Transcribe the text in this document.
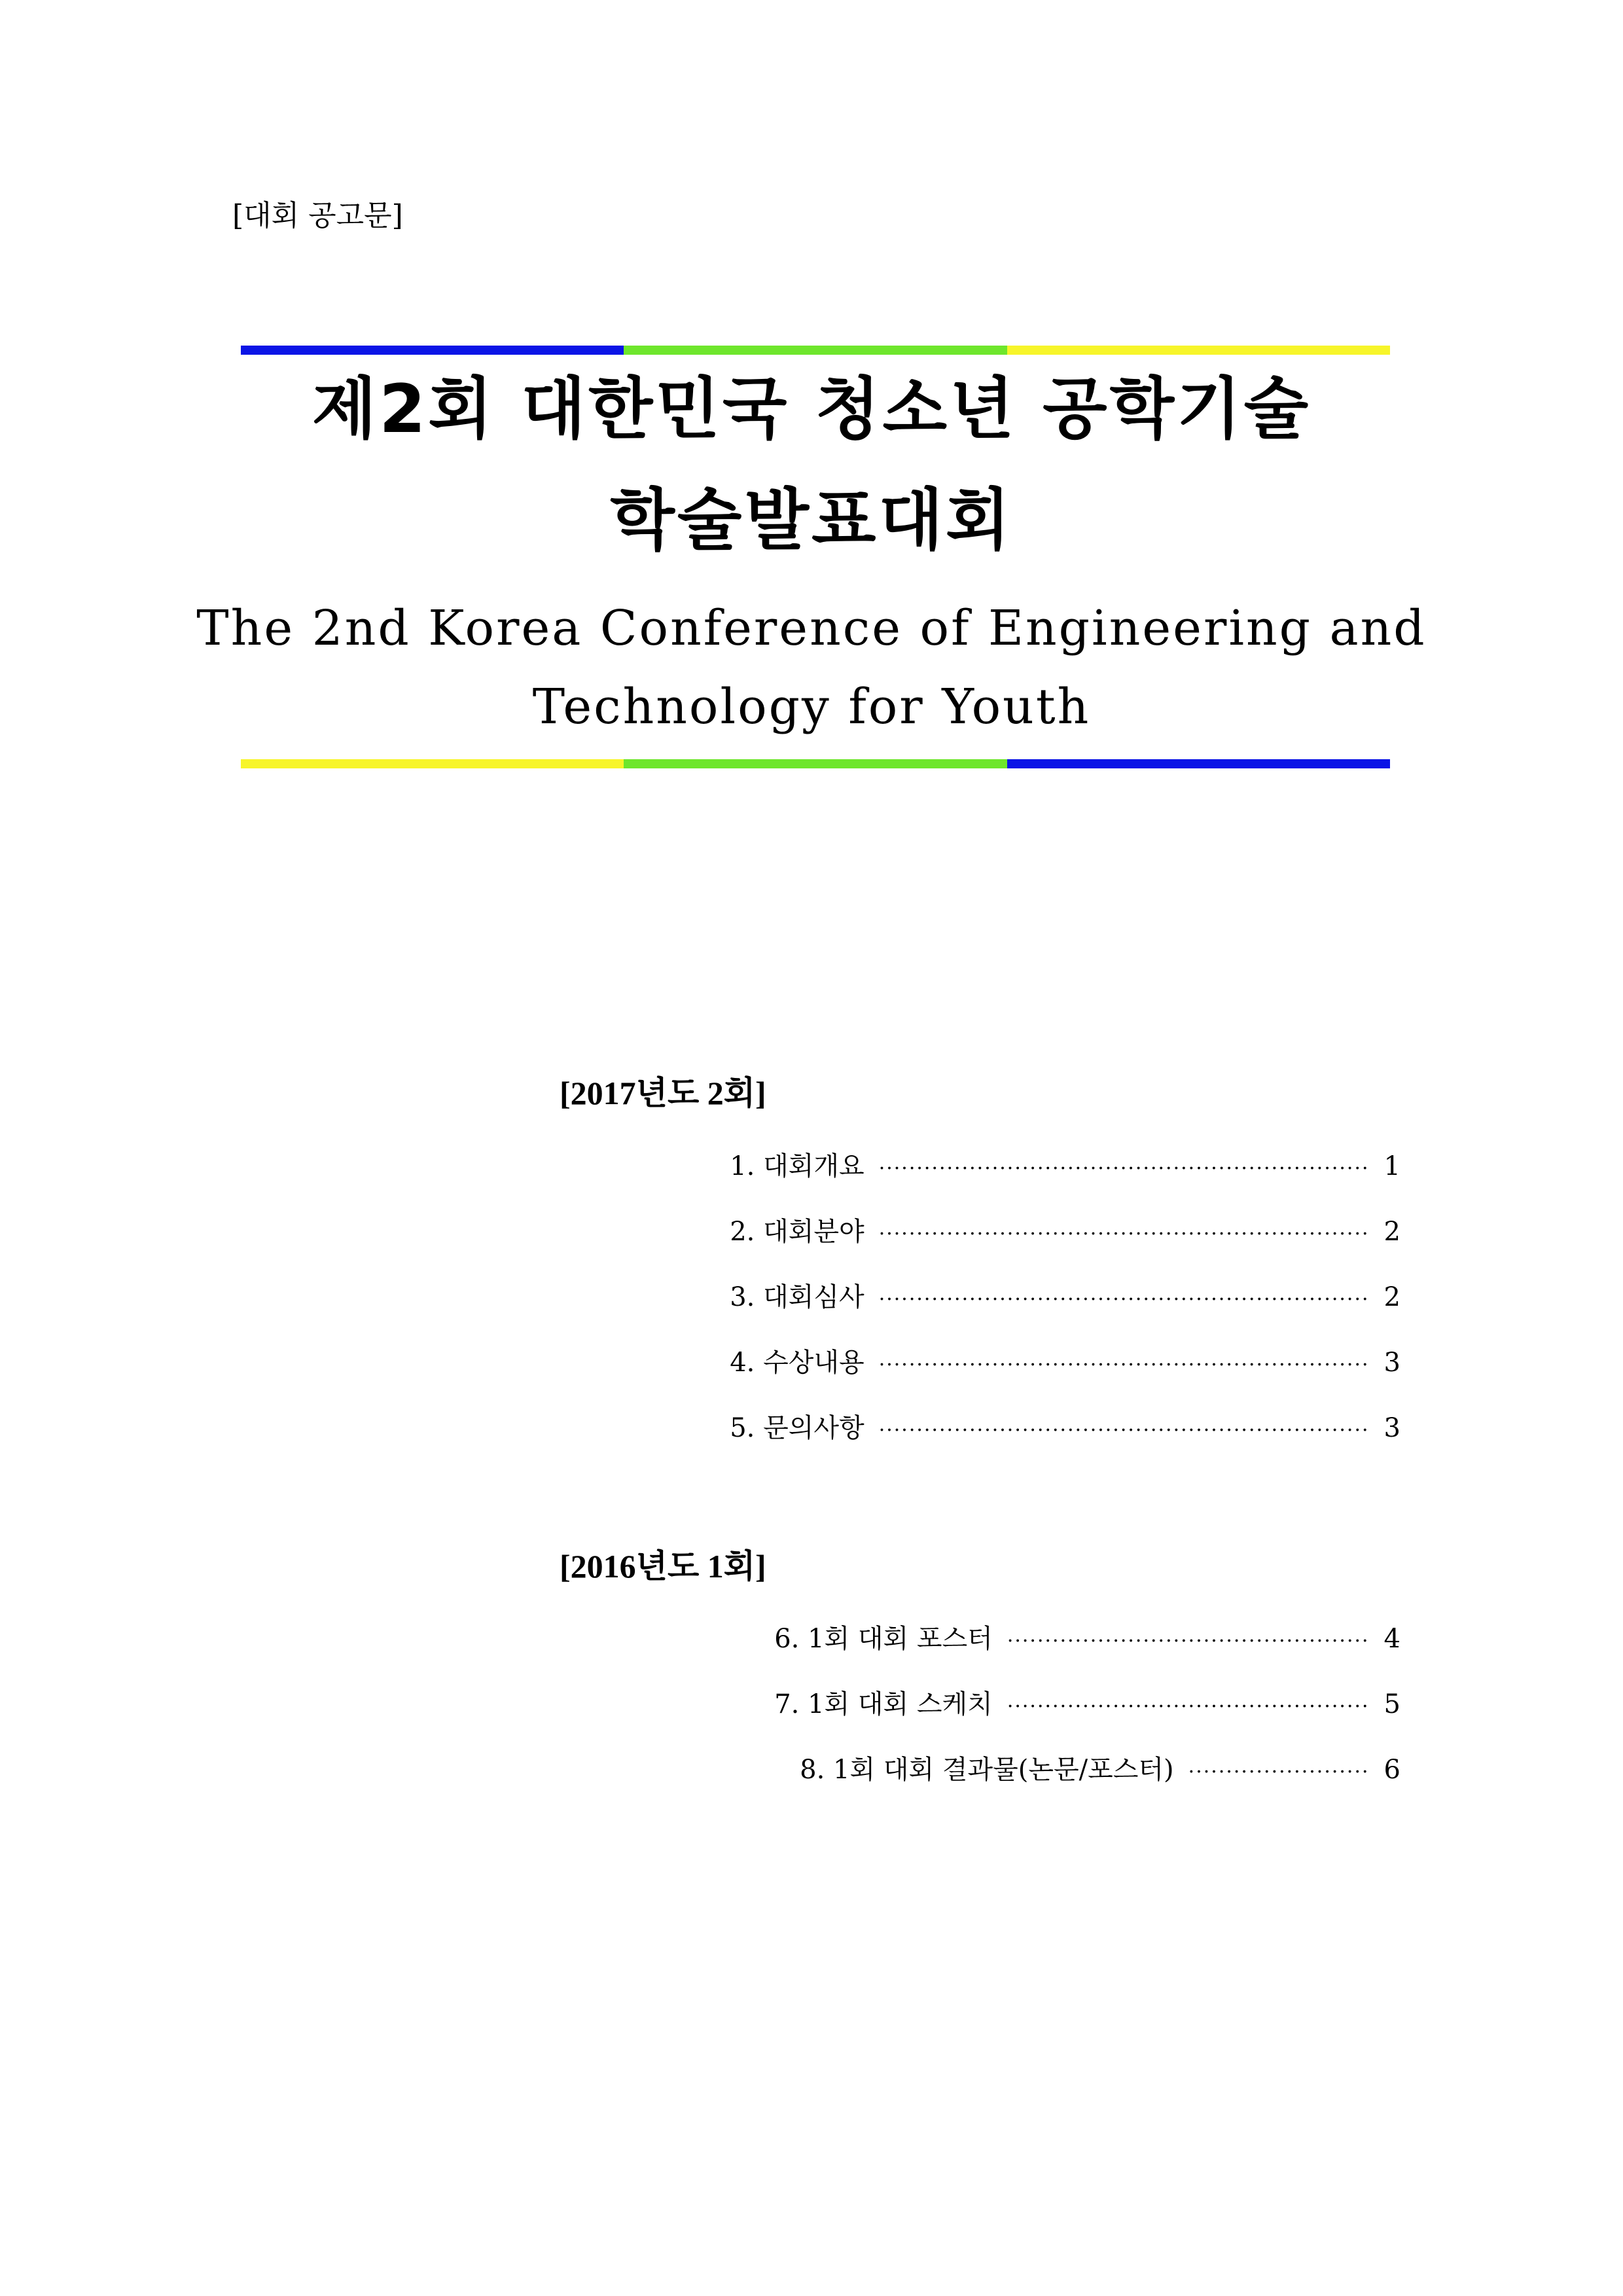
[대회 공고문]
제2회 대한민국 청소년 공학기술
학술발표대회
The 2nd Korea Conference of Engineering and
Technology for Youth
[2017년도 2회]
1. 대회개요 ································································· 1
2. 대회분야 ································································· 2
3. 대회심사 ································································· 2
4. 수상내용 ································································· 3
5. 문의사항 ································································· 3
[2016년도 1회]
6. 1회 대회 포스터 ················································ 4
7. 1회 대회 스케치 ················································ 5
8. 1회 대회 결과물(논문/포스터) ························ 6
